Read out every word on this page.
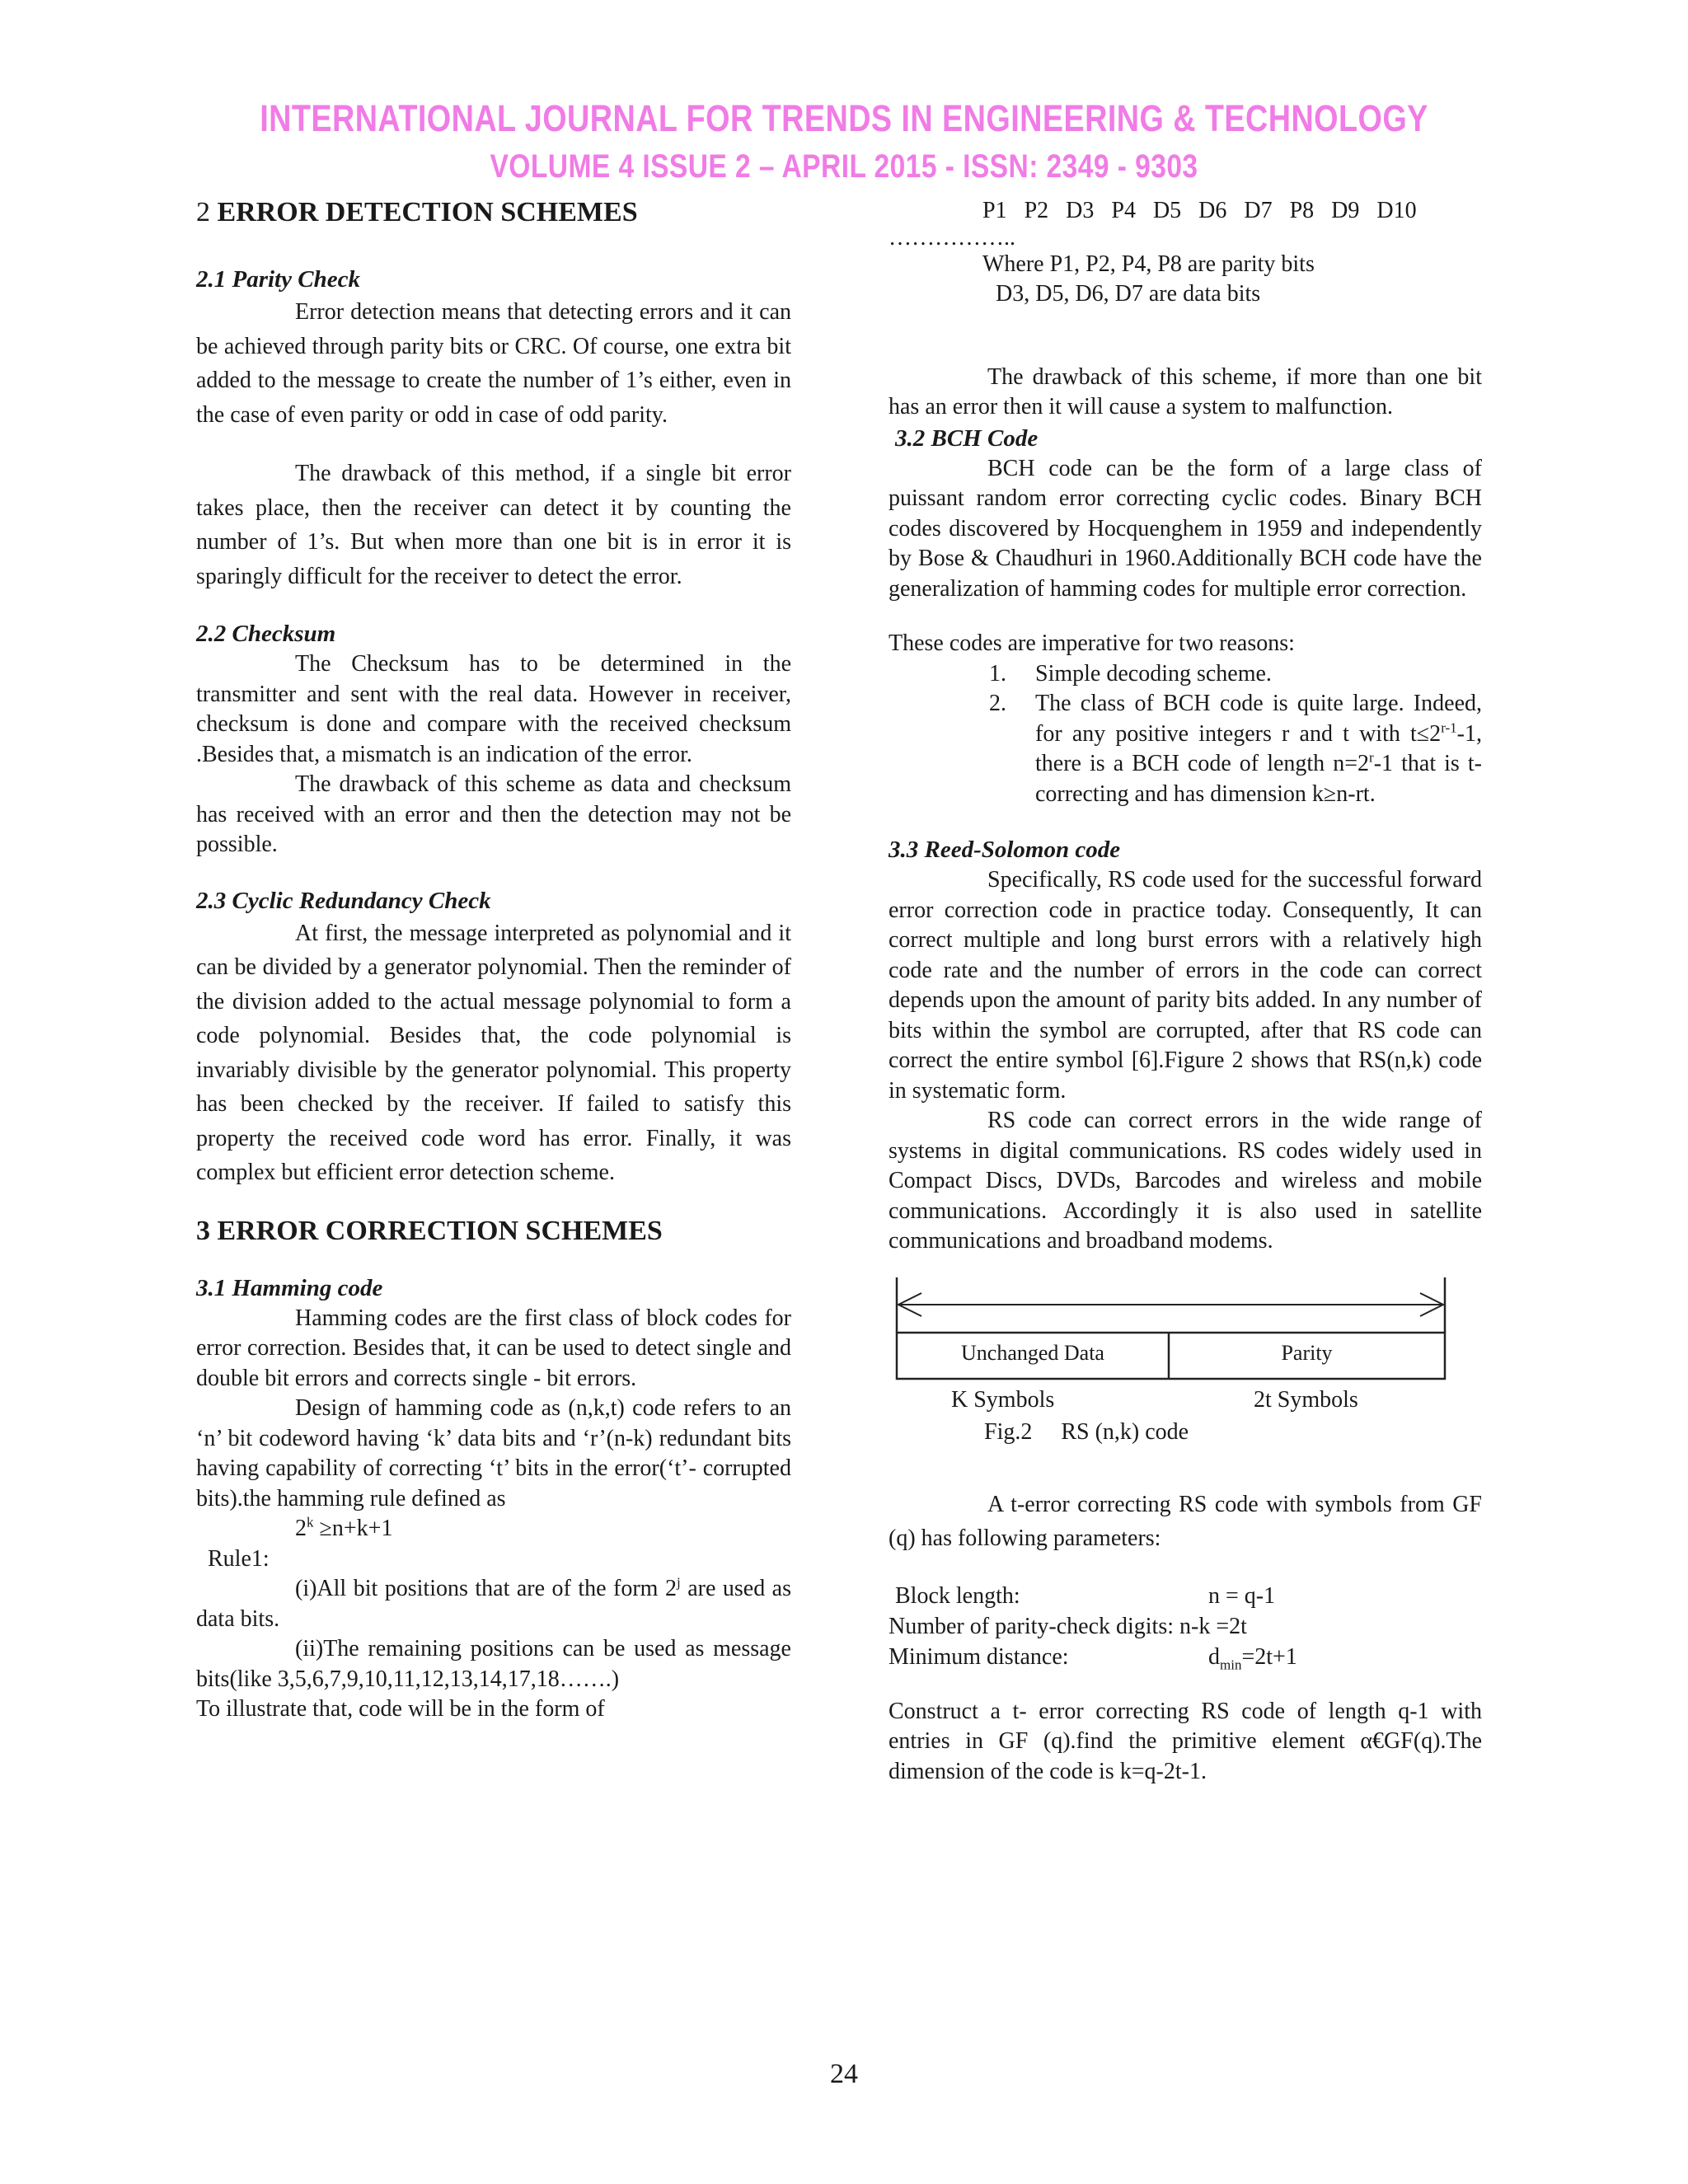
INTERNATIONAL JOURNAL FOR TRENDS IN ENGINEERING & TECHNOLOGY
VOLUME 4 ISSUE 2 – APRIL 2015 - ISSN: 2349 - 9303
2 ERROR DETECTION SCHEMES
2.1 Parity Check

Error detection means that detecting errors and it can be achieved through parity bits or CRC. Of course, one extra bit added to the message to create the number of 1’s either, even in the case of even parity or odd in case of odd parity.

The drawback of this method, if a single bit error takes place, then the receiver can detect it by counting the number of 1’s. But when more than one bit is in error it is sparingly difficult for the receiver to detect the error.

2.2 Checksum

The Checksum has to be determined in the transmitter and sent with the real data. However in receiver, checksum is done and compare with the received checksum .Besides that, a mismatch is an indication of the error.

The drawback of this scheme as data and checksum has received with an error and then the detection may not be possible.

2.3 Cyclic Redundancy Check

At first, the message interpreted as polynomial and it can be divided by a generator polynomial. Then the reminder of the division added to the actual message polynomial to form a code polynomial. Besides that, the code polynomial is invariably divisible by the generator polynomial. This property has been checked by the receiver. If failed to satisfy this property the received code word has error. Finally, it was complex but efficient error detection scheme.

3 ERROR CORRECTION SCHEMES
3.1 Hamming code

Hamming codes are the first class of block codes for error correction. Besides that, it can be used to detect single and double bit errors and corrects single - bit errors.

Design of hamming code as (n,k,t) code refers to an ‘n’ bit codeword having ‘k’ data bits and ‘r’(n-k) redundant bits having capability of correcting ‘t’ bits in the error(‘t’- corrupted bits).the hamming rule defined as

$2^k \ge n+k+1$

Rule1:

(i)All bit positions that are of the form 2$^j$ are used as data bits.

(ii)The remaining positions can be used as message bits(like 3,5,6,7,9,10,11,12,13,14,17,18…….)

To illustrate that, code will be in the form of

P1   P2   D3   P4   D5   D6   D7   P8   D9   D10

……………..

Where P1, P2, P4, P8 are parity bits

D3, D5, D6, D7 are data bits

The drawback of this scheme, if more than one bit has an error then it will cause a system to malfunction.

3.2 BCH Code

BCH code can be the form of a large class of puissant random error correcting cyclic codes. Binary BCH codes discovered by Hocquenghem in 1959 and independently by Bose & Chaudhuri in 1960.Additionally BCH code have the generalization of hamming codes for multiple error correction.

These codes are imperative for two reasons:

1. Simple decoding scheme.
2. The class of BCH code is quite large. Indeed, for any positive integers r and t with $t\le 2^{r-1}-1$, there is a BCH code of length $n=2^r-1$ that is t-correcting and has dimension k≥n-rt.
3.3 Reed-Solomon code

Specifically, RS code used for the successful forward error correction code in practice today. Consequently, It can correct multiple and long burst errors with a relatively high code rate and the number of errors in the code can correct depends upon the amount of parity bits added. In any number of bits within the symbol are corrupted, after that RS code can correct the entire symbol [6].Figure 2 shows that RS(n,k) code in systematic form.

RS code can correct errors in the wide range of systems in digital communications. RS codes widely used in Compact Discs, DVDs, Barcodes and wireless and mobile communications. Accordingly it is also used in satellite communications and broadband modems.

Unchanged Data	Parity
K Symbols	2t Symbols
Fig.2 RS (n,k) code

A t-error correcting RS code with symbols from GF (q) has following parameters:

Block length:	n = q-1
Number of parity-check digits: n-k =2t
Minimum distance:	$d_{min}=2t+1$

Construct a t- error correcting RS code of length q-1 with entries in GF (q).find the primitive element α€GF(q).The dimension of the code is k=q-2t-1.

24
